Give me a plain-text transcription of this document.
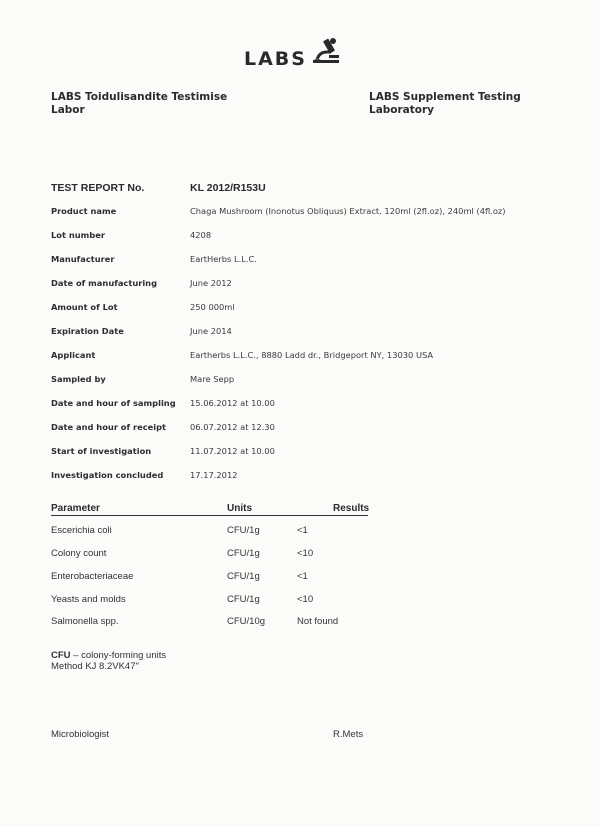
LABS
LABS Toidulisandite Testimise
Labor
LABS Supplement Testing
Laboratory
TEST REPORT No.	KL 2012/R153U
Product name	Chaga Mushroom (Inonotus Obliquus) Extract. 120ml (2fl.oz), 240ml (4fl.oz)
Lot number	4208
Manufacturer	EartHerbs L.L.C.
Date of manufacturing	June 2012
Amount of Lot	250 000ml
Expiration Date	June 2014
Applicant	Eartherbs L.L.C., 8880 Ladd dr., Bridgeport NY, 13030 USA
Sampled by	Mare Sepp
Date and hour of sampling 15.06.2012 at 10.00
Date and hour of receipt	06.07.2012 at 12.30
Start of investigation	11.07.2012 at 10.00
Investigation concluded	17.17.2012
Parameter	Units	Results
Escerichia coli	CFU/1g	<1
Colony count	CFU/1g	<10
Enterobacteriaceae	CFU/1g	<1
Yeasts and molds	CFU/1g	<10
Salmonella spp.	CFU/10g	Not found
CFU – colony-forming units
Method KJ 8.2VK47"
Microbiologist	R.Mets
